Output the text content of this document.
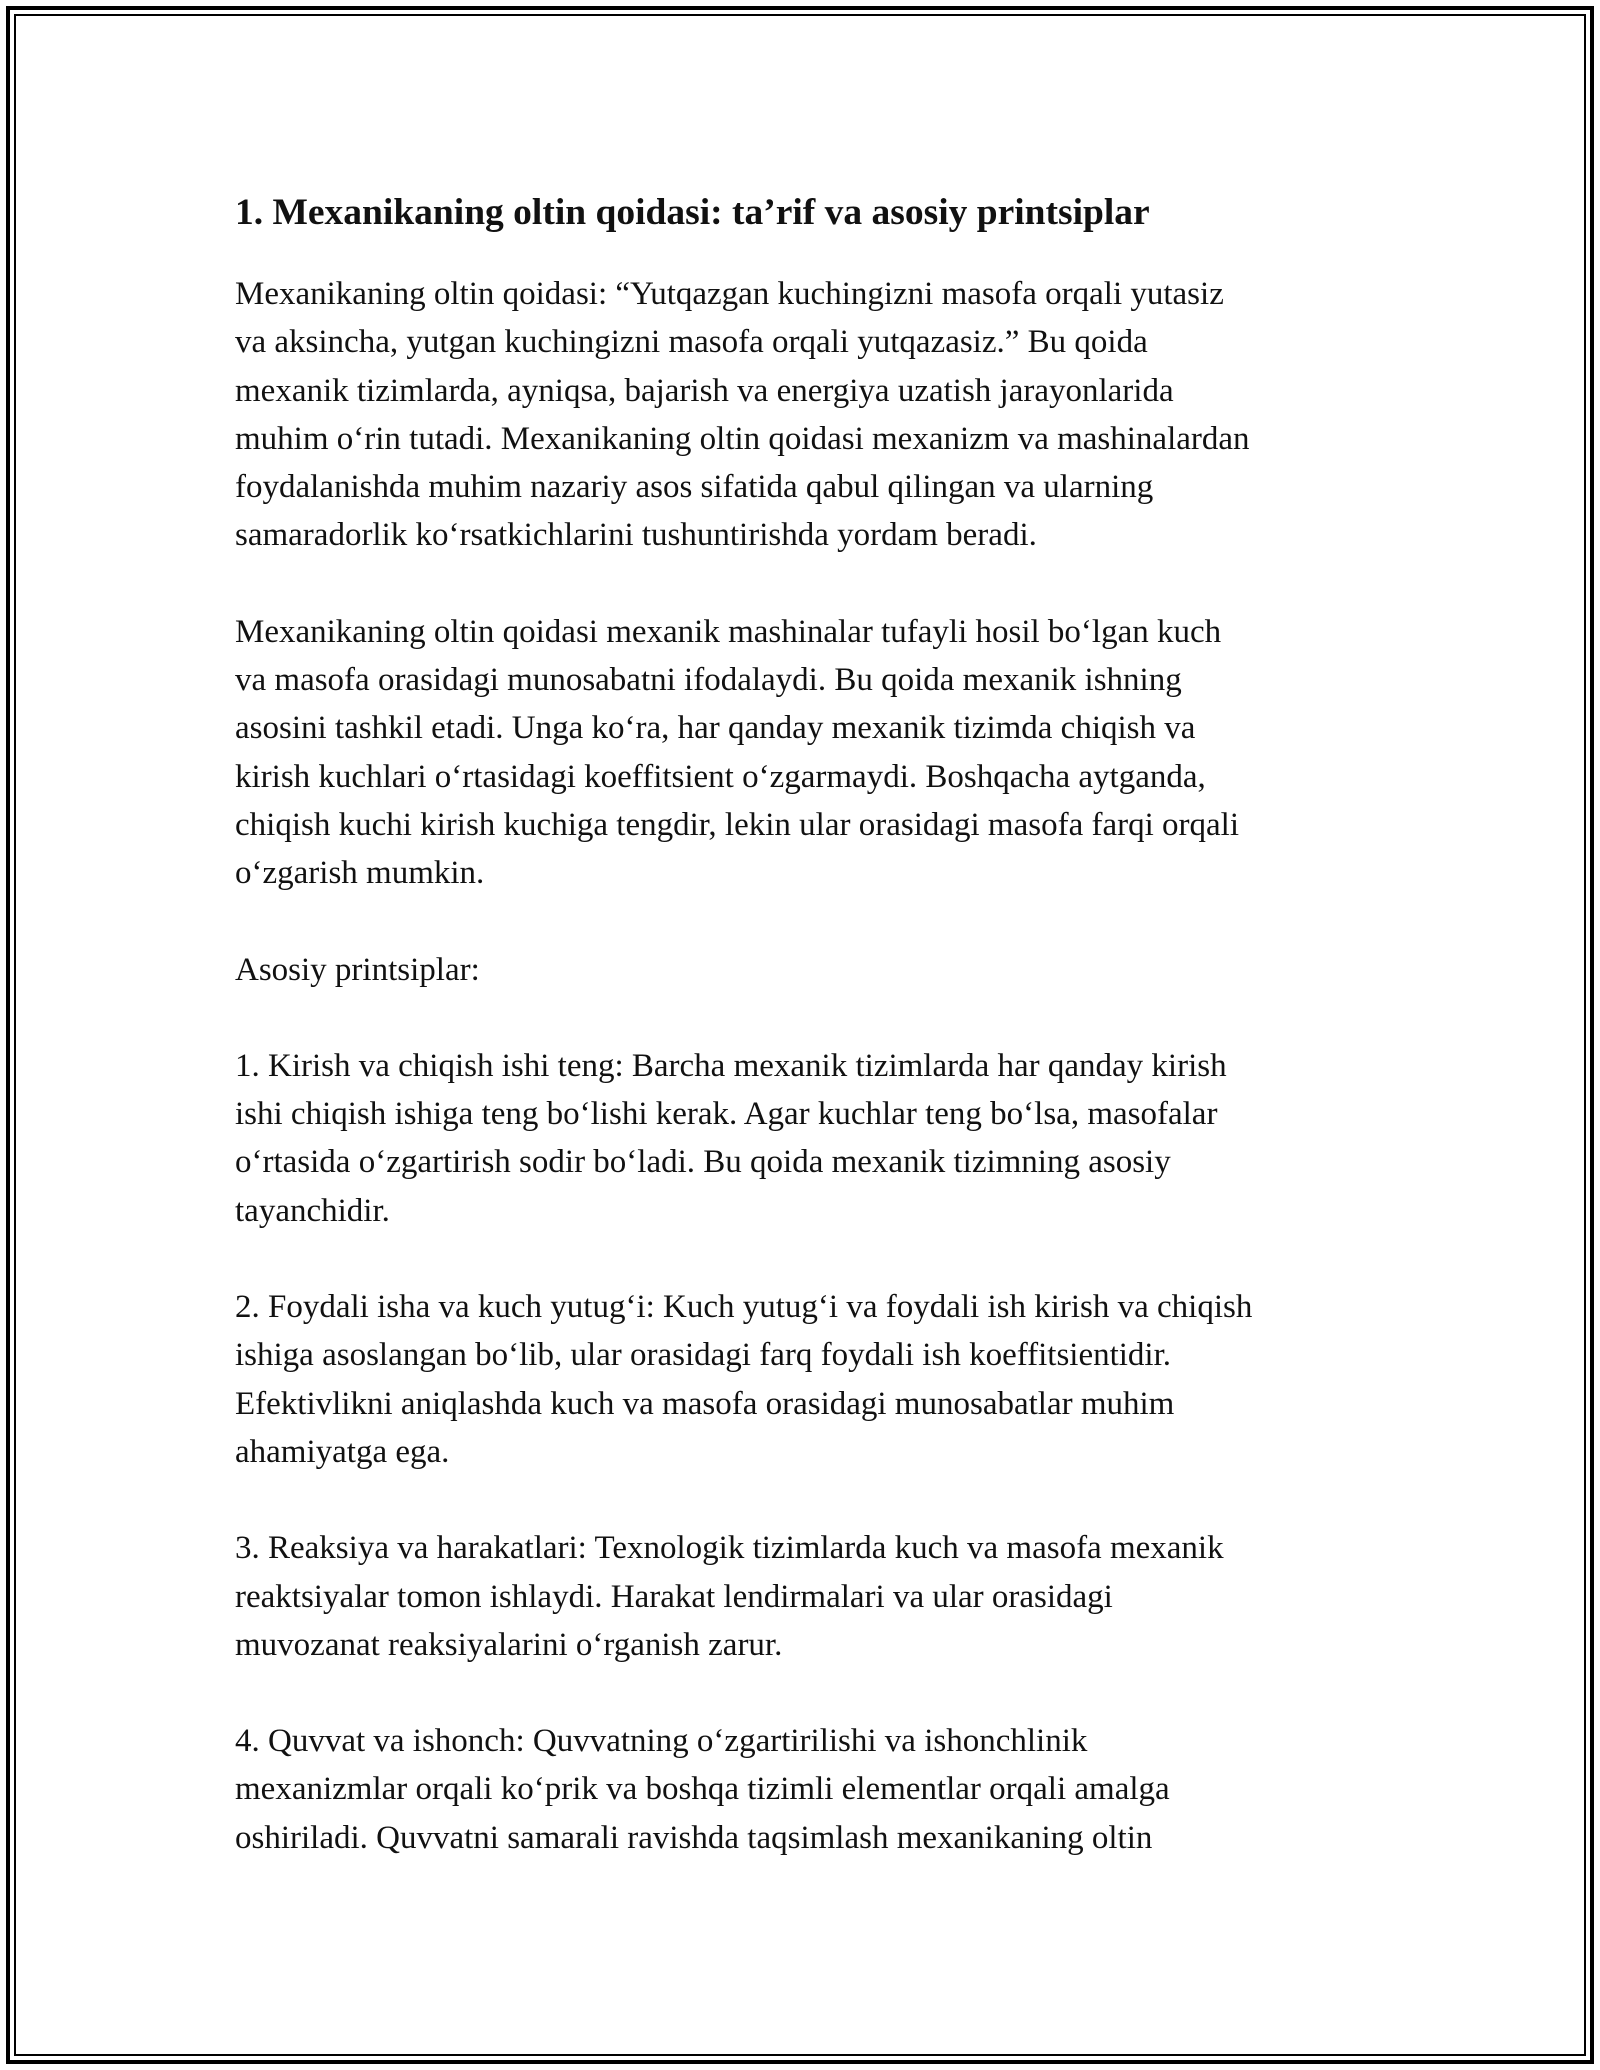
1. Mexanikaning oltin qoidasi: ta’rif va asosiy printsiplar

Mexanikaning oltin qoidasi: “Yutqazgan kuchingizni masofa orqali yutasiz
va aksincha, yutgan kuchingizni masofa orqali yutqazasiz.” Bu qoida
mexanik tizimlarda, ayniqsa, bajarish va energiya uzatish jarayonlarida
muhim oʻrin tutadi. Mexanikaning oltin qoidasi mexanizm va mashinalardan
foydalanishda muhim nazariy asos sifatida qabul qilingan va ularning
samaradorlik koʻrsatkichlarini tushuntirishda yordam beradi.

Mexanikaning oltin qoidasi mexanik mashinalar tufayli hosil boʻlgan kuch
va masofa orasidagi munosabatni ifodalaydi. Bu qoida mexanik ishning
asosini tashkil etadi. Unga koʻra, har qanday mexanik tizimda chiqish va
kirish kuchlari oʻrtasidagi koeffitsient oʻzgarmaydi. Boshqacha aytganda,
chiqish kuchi kirish kuchiga tengdir, lekin ular orasidagi masofa farqi orqali
oʻzgarish mumkin.

Asosiy printsiplar:

1. Kirish va chiqish ishi teng: Barcha mexanik tizimlarda har qanday kirish
ishi chiqish ishiga teng boʻlishi kerak. Agar kuchlar teng boʻlsa, masofalar
oʻrtasida oʻzgartirish sodir boʻladi. Bu qoida mexanik tizimning asosiy
tayanchidir.

2. Foydali isha va kuch yutugʻi: Kuch yutugʻi va foydali ish kirish va chiqish
ishiga asoslangan boʻlib, ular orasidagi farq foydali ish koeffitsientidir.
Efektivlikni aniqlashda kuch va masofa orasidagi munosabatlar muhim
ahamiyatga ega.

3. Reaksiya va harakatlari: Texnologik tizimlarda kuch va masofa mexanik
reaktsiyalar tomon ishlaydi. Harakat lendirmalari va ular orasidagi
muvozanat reaksiyalarini oʻrganish zarur.

4. Quvvat va ishonch: Quvvatning oʻzgartirilishi va ishonchlinik
mexanizmlar orqali koʻprik va boshqa tizimli elementlar orqali amalga
oshiriladi. Quvvatni samarali ravishda taqsimlash mexanikaning oltin
